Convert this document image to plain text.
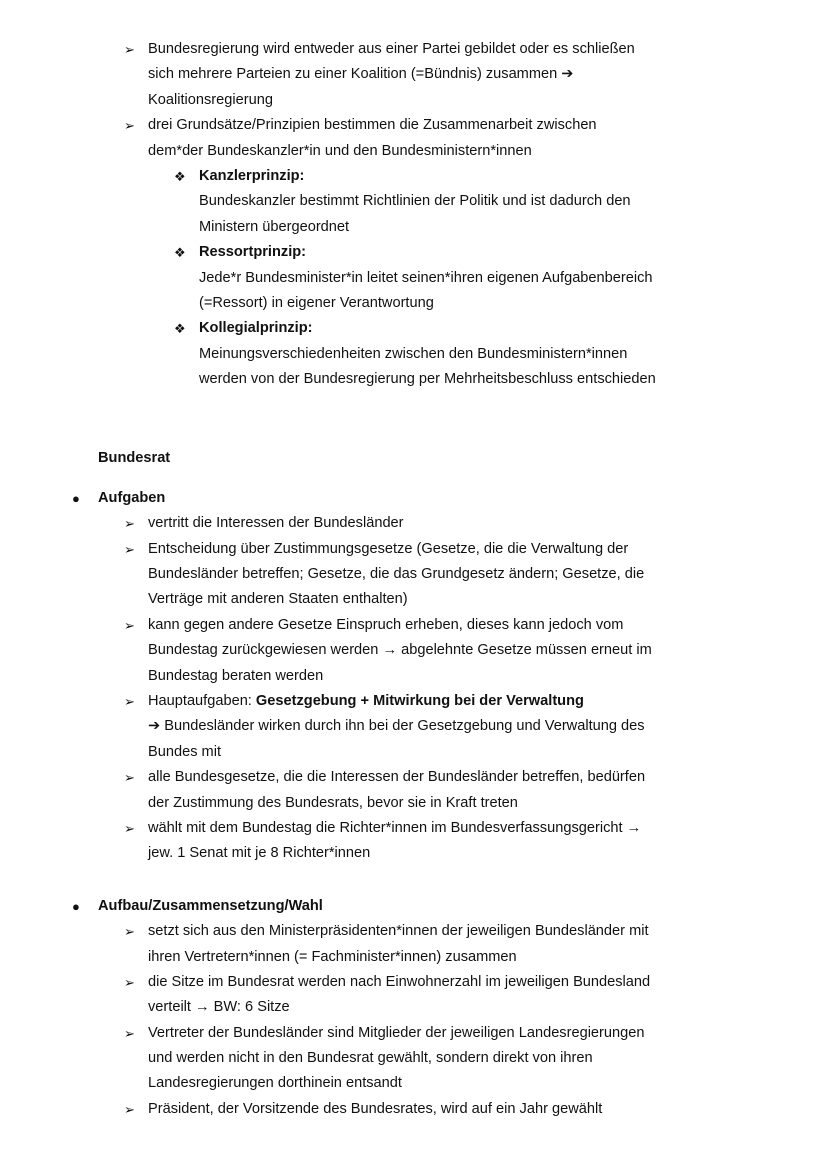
➢ Bundesregierung wird entweder aus einer Partei gebildet oder es schließen
sich mehrere Parteien zu einer Koalition (=Bündnis) zusammen ➔
Koalitionsregierung
➢ drei Grundsätze/Prinzipien bestimmen die Zusammenarbeit zwischen
dem*der Bundeskanzler*in und den Bundesministern*innen
❖ Kanzlerprinzip:
Bundeskanzler bestimmt Richtlinien der Politik und ist dadurch den
Ministern übergeordnet
❖ Ressortprinzip:
Jede*r Bundesminister*in leitet seinen*ihren eigenen Aufgabenbereich
(=Ressort) in eigener Verantwortung
❖ Kollegialprinzip:
Meinungsverschiedenheiten zwischen den Bundesministern*innen
werden von der Bundesregierung per Mehrheitsbeschluss entschieden
Bundesrat
● Aufgaben
➢ vertritt die Interessen der Bundesländer
➢ Entscheidung über Zustimmungsgesetze (Gesetze, die die Verwaltung der
Bundesländer betreffen; Gesetze, die das Grundgesetz ändern; Gesetze, die
Verträge mit anderen Staaten enthalten)
➢ kann gegen andere Gesetze Einspruch erheben, dieses kann jedoch vom
Bundestag zurückgewiesen werden → abgelehnte Gesetze müssen erneut im
Bundestag beraten werden
➢ Hauptaufgaben: Gesetzgebung + Mitwirkung bei der Verwaltung
➔ Bundesländer wirken durch ihn bei der Gesetzgebung und Verwaltung des
Bundes mit
➢ alle Bundesgesetze, die die Interessen der Bundesländer betreffen, bedürfen
der Zustimmung des Bundesrats, bevor sie in Kraft treten
➢ wählt mit dem Bundestag die Richter*innen im Bundesverfassungsgericht →
jew. 1 Senat mit je 8 Richter*innen
● Aufbau/Zusammensetzung/Wahl
➢ setzt sich aus den Ministerpräsidenten*innen der jeweiligen Bundesländer mit
ihren Vertretern*innen (= Fachminister*innen) zusammen
➢ die Sitze im Bundesrat werden nach Einwohnerzahl im jeweiligen Bundesland
verteilt → BW: 6 Sitze
➢ Vertreter der Bundesländer sind Mitglieder der jeweiligen Landesregierungen
und werden nicht in den Bundesrat gewählt, sondern direkt von ihren
Landesregierungen dorthinein entsandt
➢ Präsident, der Vorsitzende des Bundesrates, wird auf ein Jahr gewählt
